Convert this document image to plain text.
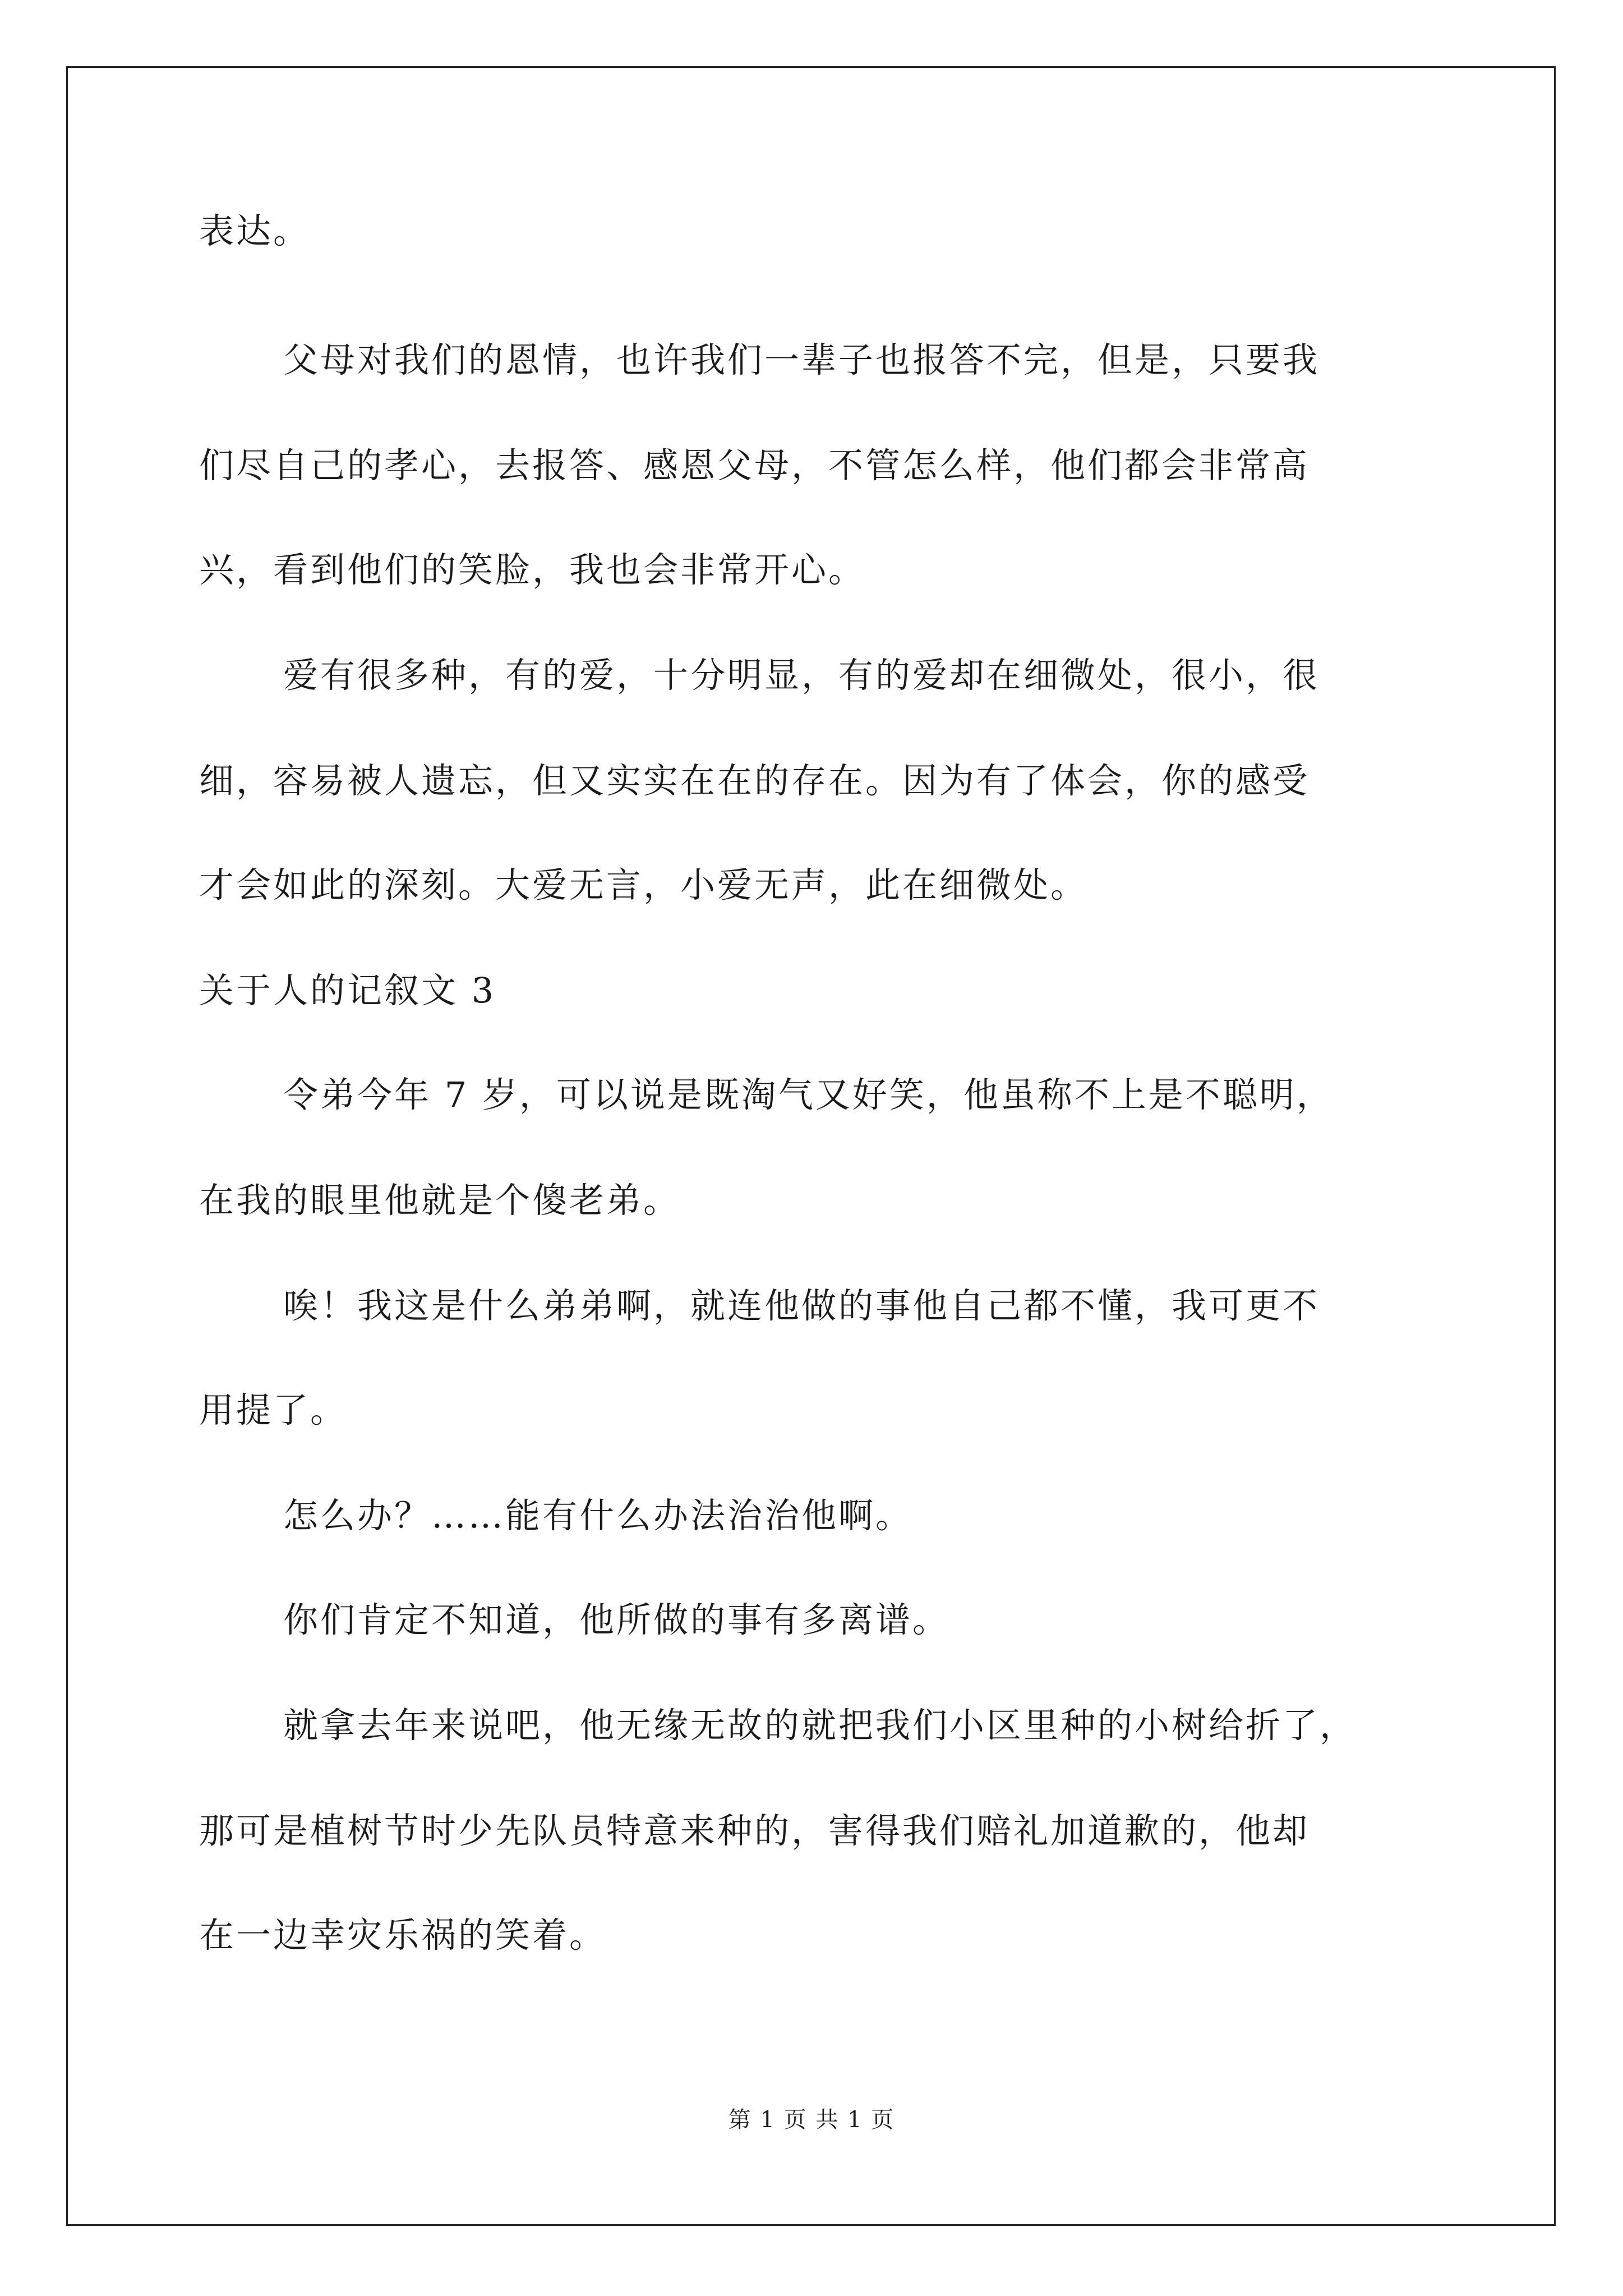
表达。
父母对我们的恩情，也许我们一辈子也报答不完，但是，只要我
们尽自己的孝心，去报答、感恩父母，不管怎么样，他们都会非常高
兴，看到他们的笑脸，我也会非常开心。
爱有很多种，有的爱，十分明显，有的爱却在细微处，很小，很
细，容易被人遗忘，但又实实在在的存在。因为有了体会，你的感受
才会如此的深刻。大爱无言，小爱无声，此在细微处。
关于人的记叙文 3
令弟今年 7 岁，可以说是既淘气又好笑，他虽称不上是不聪明，
在我的眼里他就是个傻老弟。
唉！我这是什么弟弟啊，就连他做的事他自己都不懂，我可更不
用提了。
怎么办？……能有什么办法治治他啊。
你们肯定不知道，他所做的事有多离谱。
就拿去年来说吧，他无缘无故的就把我们小区里种的小树给折了，
那可是植树节时少先队员特意来种的，害得我们赔礼加道歉的，他却
在一边幸灾乐祸的笑着。
第 1 页 共 1 页
